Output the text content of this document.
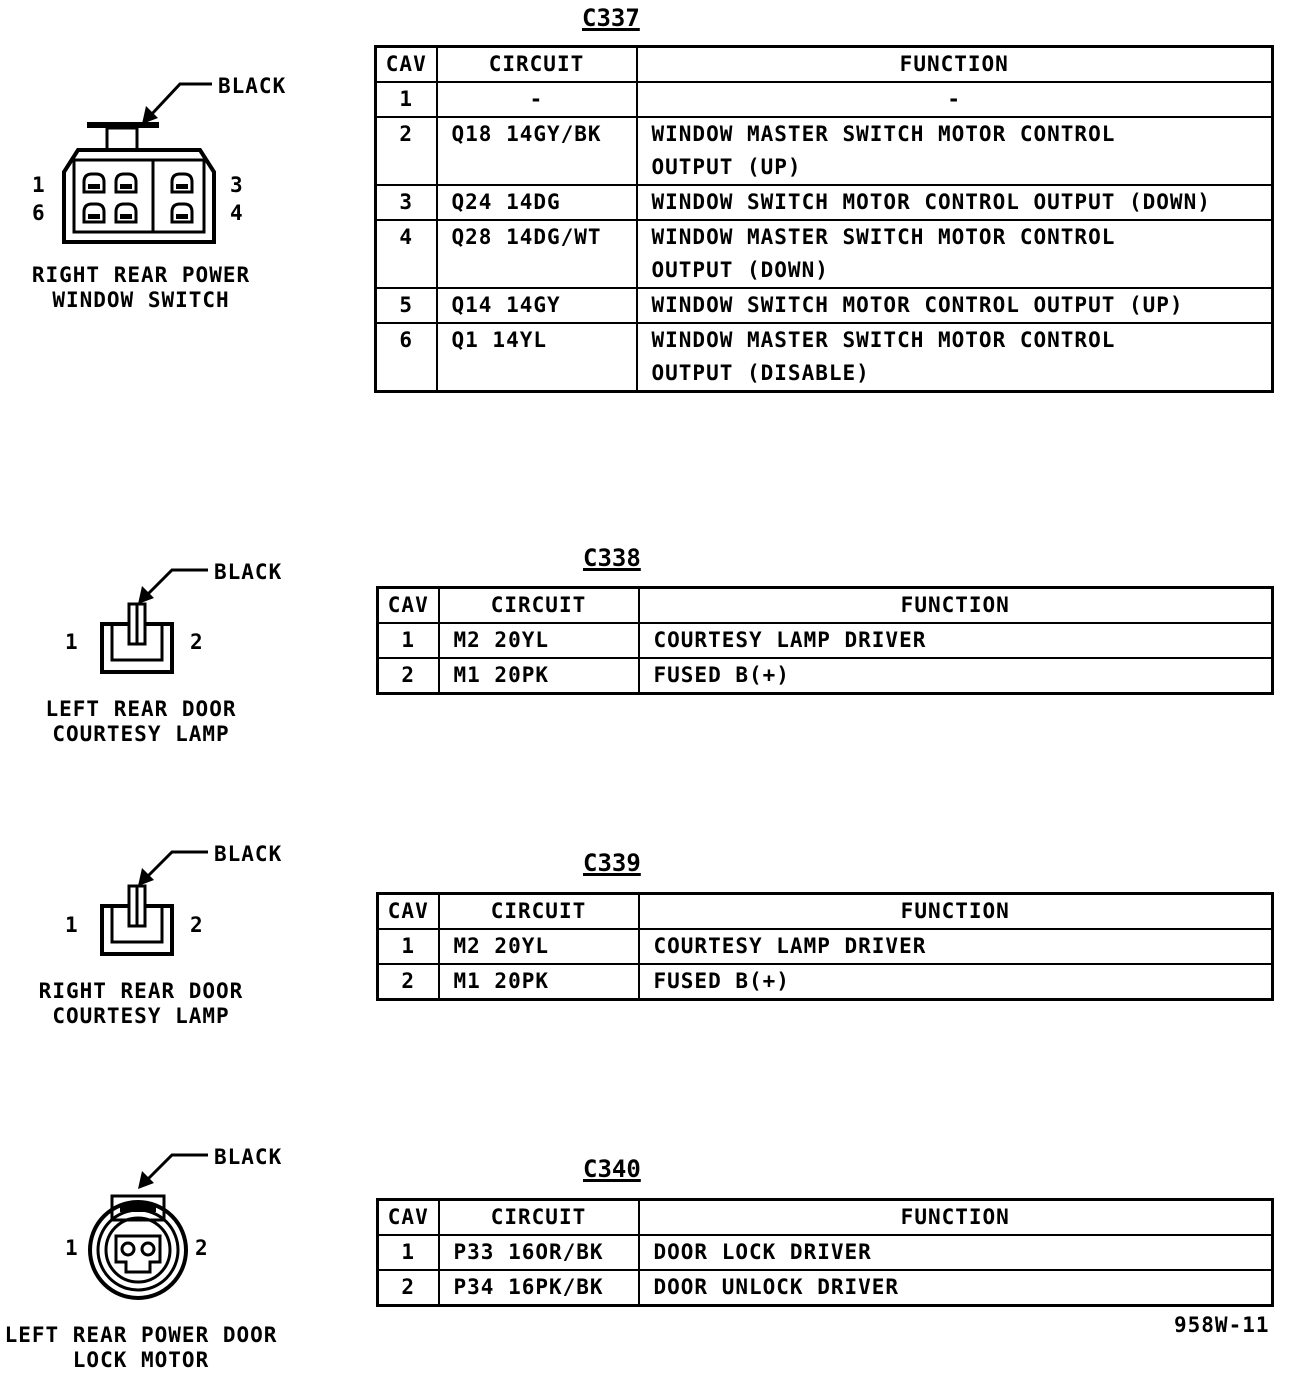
C337
BLACK
1
6
3
4
RIGHT REAR POWER
WINDOW SWITCH
CAV	CIRCUIT	FUNCTION
1	-	-
2	Q18 14GY/BK	WINDOW MASTER SWITCH MOTOR CONTROL
OUTPUT (UP)

3	Q24 14DG	WINDOW SWITCH MOTOR CONTROL OUTPUT (DOWN)
4	Q28 14DG/WT	WINDOW MASTER SWITCH MOTOR CONTROL
OUTPUT (DOWN)

5	Q14 14GY	WINDOW SWITCH MOTOR CONTROL OUTPUT (UP)
6	Q1 14YL	WINDOW MASTER SWITCH MOTOR CONTROL
OUTPUT (DISABLE)
C338
BLACK
1	2
LEFT REAR DOOR
COURTESY LAMP
CAV	CIRCUIT	FUNCTION
1	M2 20YL	COURTESY LAMP DRIVER
2	M1 20PK	FUSED B(+)
C339
BLACK
1	2
RIGHT REAR DOOR
COURTESY LAMP
CAV	CIRCUIT	FUNCTION
1	M2 20YL	COURTESY LAMP DRIVER
2	M1 20PK	FUSED B(+)
C340
BLACK
1	2
LEFT REAR POWER DOOR
LOCK MOTOR
CAV	CIRCUIT	FUNCTION
1	P33 16OR/BK	DOOR LOCK DRIVER
2	P34 16PK/BK	DOOR UNLOCK DRIVER
958W-11
